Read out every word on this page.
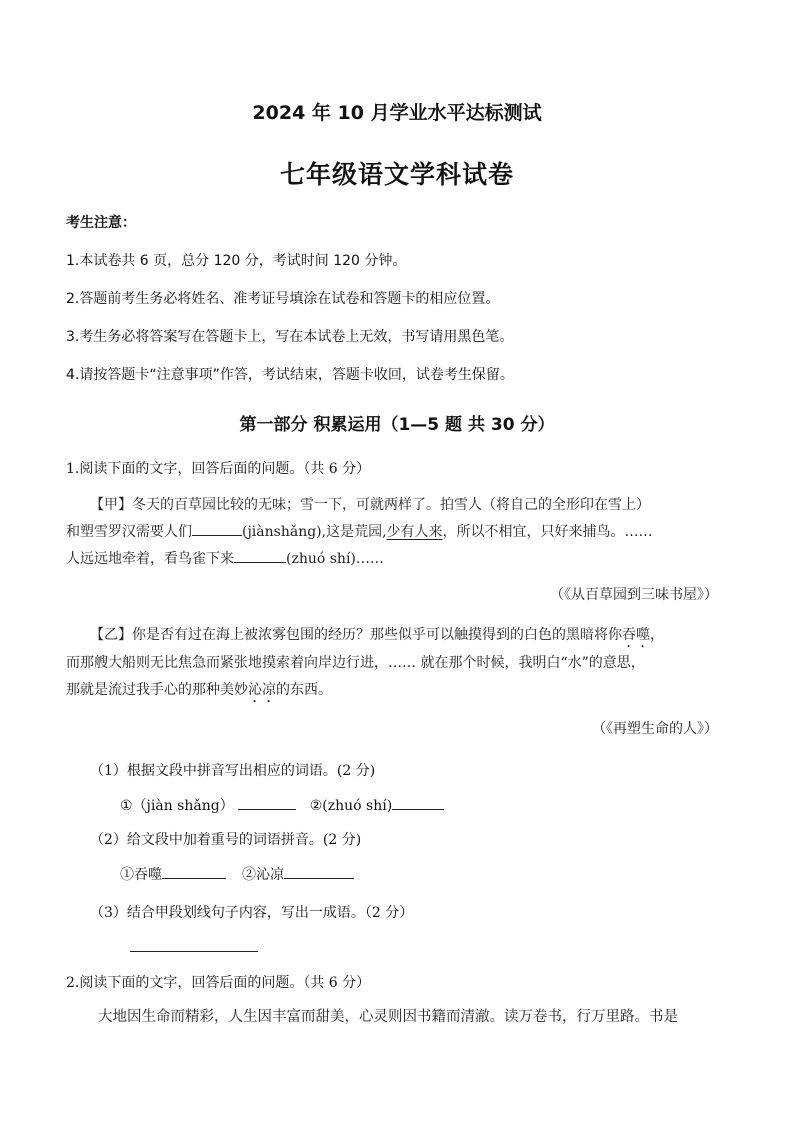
2024 年 10 月学业水平达标测试
七年级语文学科试卷
考生注意：
1.本试卷共 6 页，总分 120 分，考试时间 120 分钟。
2.答题前考生务必将姓名、准考证号填涂在试卷和答题卡的相应位置。
3.考生务必将答案写在答题卡上，写在本试卷上无效，书写请用黑色笔。
4.请按答题卡“注意事项”作答，考试结束，答题卡收回，试卷考生保留。
第一部分 积累运用（1—5 题 共 30 分）
1.阅读下面的文字，回答后面的问题。（共 6 分）
【甲】冬天的百草园比较的无味；雪一下，可就两样了。拍雪人（将自己的全形印在雪上）
和塑雪罗汉需要人们	(jiànshǎng),这是荒园,少有人来，所以不相宜，只好来捕鸟。……
人远远地牵着，看鸟雀下来	(zhuó shí)……
（《从百草园到三味书屋》）
【乙】你是否有过在海上被浓雾包围的经历？那些似乎可以触摸得到的白色的黑暗将你吞噬，
而那艘大船则无比焦急而紧张地摸索着向岸边行进，…… 就在那个时候，我明白“水”的意思，
那就是流过我手心的那种美妙沁凉的东西。
（《再塑生命的人》）
（1）根据文段中拼音写出相应的词语。(2 分)
①（jiàn shǎng）	②(zhuó shí)
（2）给文段中加着重号的词语拼音。(2 分)
①吞噬	②沁凉
（3）结合甲段划线句子内容，写出一成语。（2 分）
2.阅读下面的文字，回答后面的问题。（共 6 分）
大地因生命而精彩，人生因丰富而甜美，心灵则因书籍而清澈。读万卷书，行万里路。书是
